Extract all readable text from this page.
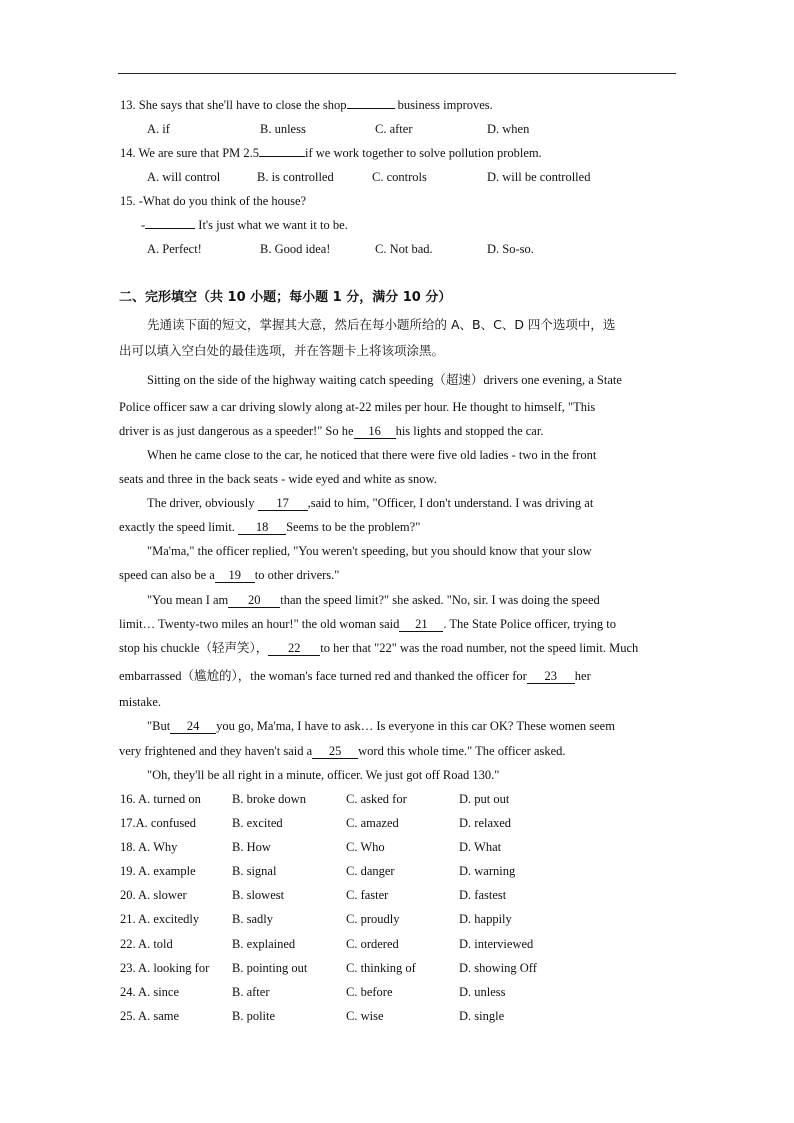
13. She says that she'll have to close the shop	business improves.
A. if	B. unless	C. after	D. when
14. We are sure that PM 2.5	if we work together to solve pollution problem.
A. will control	B. is controlled	C. controls	D. will be controlled
15. -What do you think of the house?
-	It's just what we want it to be.
A. Perfect!	B. Good idea!	C. Not bad.	D. So-so.
二、完形填空（共 10 小题；每小题 1 分，满分 10 分）
先通读下面的短文，掌握其大意，然后在每小题所给的 A、B、C、D 四个选项中，选
出可以填入空白处的最佳选项，并在答题卡上将该项涂黑。
Sitting on the side of the highway waiting catch speeding（超速）drivers one evening, a State
Police officer saw a car driving slowly along at-22 miles per hour. He thought to himself, "This
driver is as just dangerous as a speeder!" So he 16 his lights and stopped the car.
When he came close to the car, he noticed that there were five old ladies - two in the front
seats and three in the back seats - wide eyed and white as snow.
The driver, obviously 17 ,said to him, "Officer, I don't understand. I was driving at
exactly the speed limit. 18 Seems to be the problem?"
"Ma'ma," the officer replied, "You weren't speeding, but you should know that your slow
speed can also be a 19 to other drivers."
"You mean I am 20 than the speed limit?" she asked. "No, sir. I was doing the speed
limit… Twenty-two miles an hour!" the old woman said 21 . The State Police officer, trying to
stop his chuckle（轻声笑）， 22 to her that "22" was the road number, not the speed limit. Much
embarrassed（尴尬的），the woman's face turned red and thanked the officer for 23 her
mistake.
"But 24 you go, Ma'ma, I have to ask… Is everyone in this car OK? These women seem
very frightened and they haven't said a 25 word this whole time." The officer asked.
"Oh, they'll be all right in a minute, officer. We just got off Road 130."
16. A. turned on B. broke down	C. asked for	D. put out
17.A. confused	B. excited	C. amazed	D. relaxed
18. A. Why	B. How	C. Who	D. What
19. A. example	B. signal	C. danger	D. warning
20. A. slower	B. slowest	C. faster	D. fastest
21. A. excitedly	B. sadly	C. proudly	D. happily
22. A. told	B. explained	C. ordered	D. interviewed
23. A. looking for B. pointing out	C. thinking of	D. showing Off
24. A. since	B. after	C. before	D. unless
25. A. same	B. polite	C. wise	D. single
